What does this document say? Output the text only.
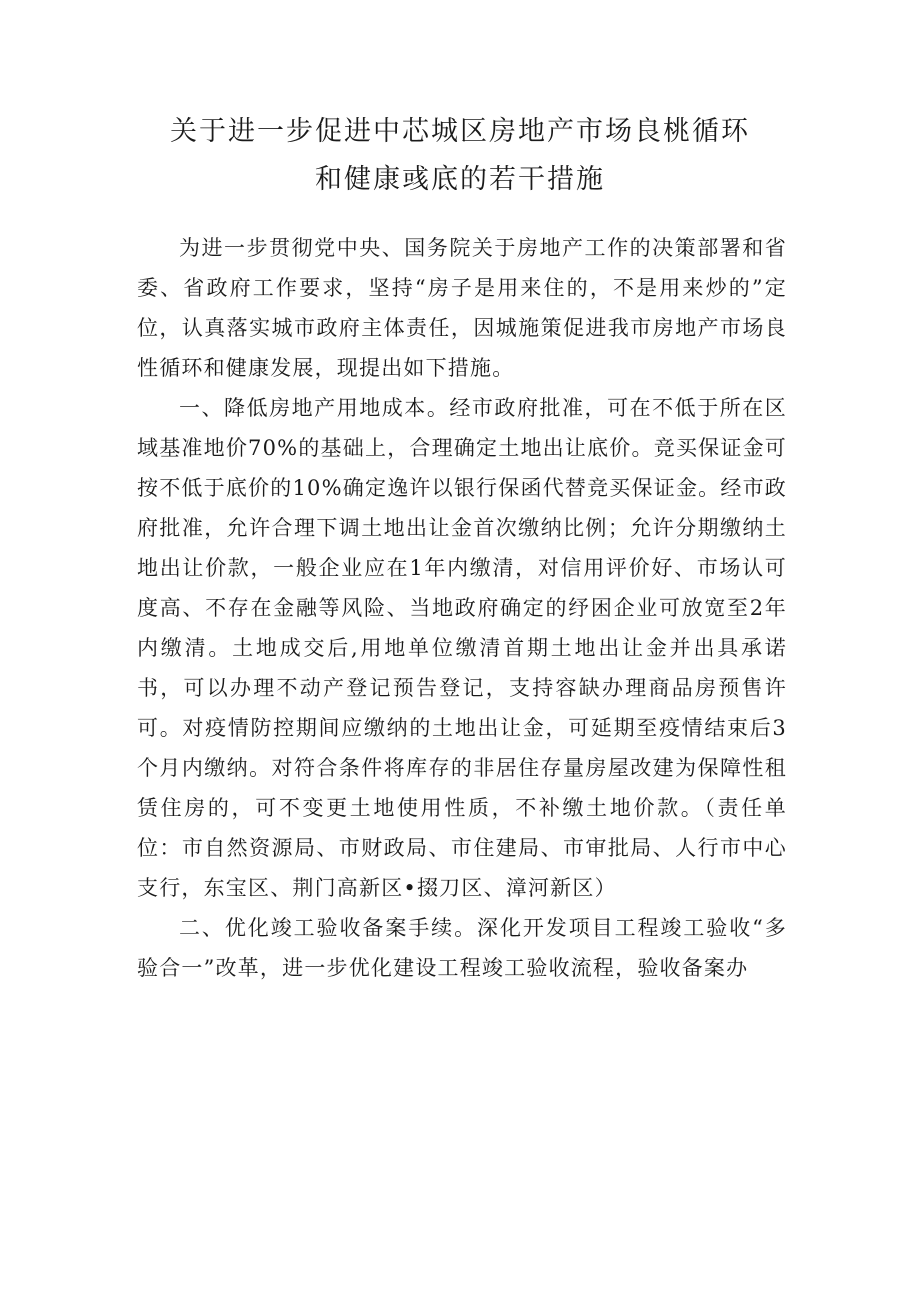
关于进一步促进中芯城区房地产市场良桃循环
和健康彧底的若干措施

为进一步贯彻党中央、国务院关于房地产工作的决策部署和省委、省政府工作要求，坚持“房子是用来住的，不是用来炒的”定位，认真落实城市政府主体责任，因城施策促进我市房地产市场良性循环和健康发展，现提出如下措施。

一、降低房地产用地成本。经市政府批准，可在不低于所在区域基准地价70%的基础上，合理确定土地出让底价。竞买保证金可按不低于底价的10%确定逸许以银行保函代替竞买保证金。经市政府批准，允许合理下调土地出让金首次缴纳比例；允许分期缴纳土地出让价款，一般企业应在1年内缴清，对信用评价好、市场认可度高、不存在金融等风险、当地政府确定的纾困企业可放宽至2年内缴清。土地成交后,用地单位缴清首期土地出让金并出具承诺书，可以办理不动产登记预告登记，支持容缺办理商品房预售许可。对疫情防控期间应缴纳的土地出让金，可延期至疫情结束后3个月内缴纳。对符合条件将库存的非居住存量房屋改建为保障性租赁住房的，可不变更土地使用性质，不补缴土地价款。（责任单位：市自然资源局、市财政局、市住建局、市审批局、人行市中心支行，东宝区、荆门高新区•掇刀区、漳河新区）

二、优化竣工验收备案手续。深化开发项目工程竣工验收“多验合一”改革，进一步优化建设工程竣工验收流程，验收备案办
